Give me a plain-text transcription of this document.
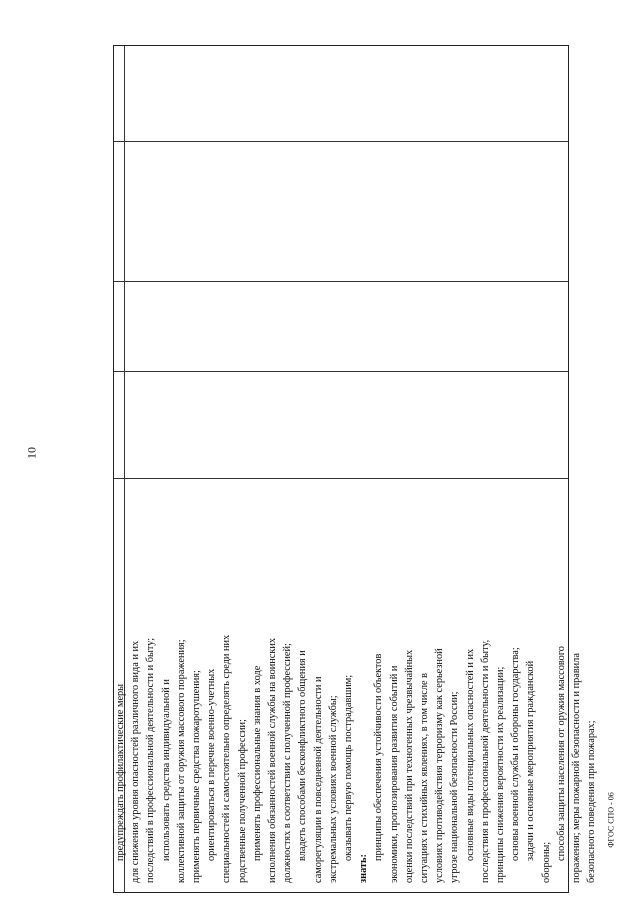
10
ФГОС СПО - 06
предупреждать профилактические меры для снижения уровня опасностей различного вида и их последствий в профессиональной деятельности и быту; использовать средства индивидуальной и коллективной защиты от оружия массового поражения; применять первичные средства пожаротушения; ориентироваться в перечне военно-учетных специальностей и самостоятельно определять среди них родственные полученной профессии; применять профессиональные знания в ходе исполнения обязанностей военной службы на воинских должностях в соответствии с полученной профессией; владеть способами бесконфликтного общения и саморегуляции в повседневной деятельности и экстремальных условиях военной службы; оказывать первую помощь пострадавшим;
знать:
принципы обеспечения устойчивости объектов экономики, прогнозирования развития событий и оценки последствий при техногенных чрезвычайных ситуациях и стихийных явлениях, в том числе в условиях противодействия терроризму как серьезной угрозе национальной безопасности России; основные виды потенциальных опасностей и их последствия в профессиональной деятельности и быту, принципы снижения вероятности их реализации; основы военной службы и обороны государства; задачи и основные мероприятия гражданской
обороны;
способы защиты населения от оружия массового поражения; меры пожарной безопасности и правила безопасного поведения при пожарах;
